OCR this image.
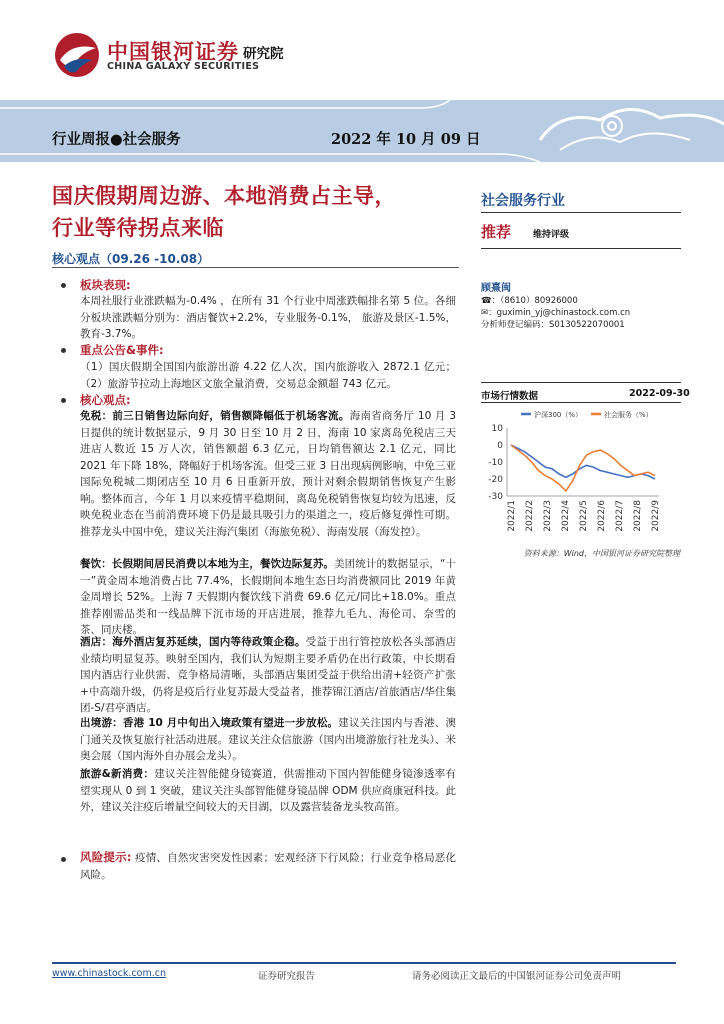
中国银河证券
CHINA GALAXY SECURITIES
研究院
行业周报●社会服务	2022 年 10 月 09 日
国庆假期周边游、本地消费占主导，
行业等待拐点来临
核心观点（09.26 -10.08）
板块表现:
本周社服行业涨跌幅为-0.4% ，在所有 31 个行业中周涨跌幅排名第 5 位。各细分板块涨跌幅分别为：酒店餐饮+2.2%，专业服务-0.1%， 旅游及景区-1.5%，教育-3.7%。
重点公告&事件:
（1）国庆假期全国国内旅游出游 4.22 亿人次，国内旅游收入 2872.1 亿元；（2）旅游节拉动上海地区文旅全量消费，交易总金额超 743 亿元。
核心观点:
免税：前三日销售边际向好，销售额降幅低于机场客流。海南省商务厅 10 月 3 日提供的统计数据显示，9 月 30 日至 10 月 2 日，海南 10 家离岛免税店三天进店人数近 15 万人次，销售额超 6.3 亿元，日均销售额达 2.1 亿元，同比 2021 年下降 18%，降幅好于机场客流。但受三亚 3 日出现病例影响，中免三亚国际免税城二期闭店至 10 月 6 日重新开放，预计对剩余假期销售恢复产生影响。整体而言，今年 1 月以来疫情平稳期间，离岛免税销售恢复均较为迅速，反映免税业态在当前消费环境下仍是最具吸引力的渠道之一，疫后修复弹性可期。推荐龙头中国中免，建议关注海汽集团（海旅免税）、海南发展（海发控）。
餐饮：长假期间居民消费以本地为主，餐饮边际复苏。美团统计的数据显示，“十一”黄金周本地消费占比 77.4%，长假期间本地生态日均消费额同比 2019 年黄金周增长 52%。上海 7 天假期内餐饮线下消费 69.6 亿元/同比+18.0%。重点推荐刚需品类和一线品牌下沉市场的开店进展，推荐九毛九、海伦司、奈雪的茶、同庆楼。
酒店：海外酒店复苏延续，国内等待政策企稳。受益于出行管控放松各头部酒店业绩均明显复苏。映射至国内，我们认为短期主要矛盾仍在出行政策，中长期看国内酒店行业供需、竞争格局清晰，头部酒店集团受益于供给出清+轻资产扩张+中高端升级，仍将是疫后行业复苏最大受益者，推荐锦江酒店/首旅酒店/华住集团-S/君亭酒店。
出境游：香港 10 月中旬出入境政策有望进一步放松。建议关注国内与香港、澳门通关及恢复旅行社活动进展。建议关注众信旅游（国内出境游旅行社龙头）、米奥会展（国内海外自办展会龙头）。
旅游&新消费：建议关注智能健身镜赛道，供需推动下国内智能健身镜渗透率有望实现从 0 到 1 突破，建议关注头部智能健身镜品牌 ODM 供应商康冠科技。此外，建议关注疫后增量空间较大的天目湖，以及露营装备龙头牧高笛。
风险提示: 疫情、自然灾害突发性因素；宏观经济下行风险；行业竞争格局恶化风险。
社会服务行业
推荐 维持评级
顾熹闽
☎：（8610）80926000
✉：guximin_yj@chinastock.com.cn
分析师登记编码：S0130522070001
市场行情数据	2022-09-30
10
0
-10
-20
-30
沪深300（%）	社会服务（%）
2022/1 2022/2 2022/3 2022/4 2022/5 2022/6 2022/7 2022/8 2022/9
资料来源：Wind，中国银河证券研究院整理
www.chinastock.com.cn	证券研究报告	请务必阅读正文最后的中国银河证券公司免责声明
